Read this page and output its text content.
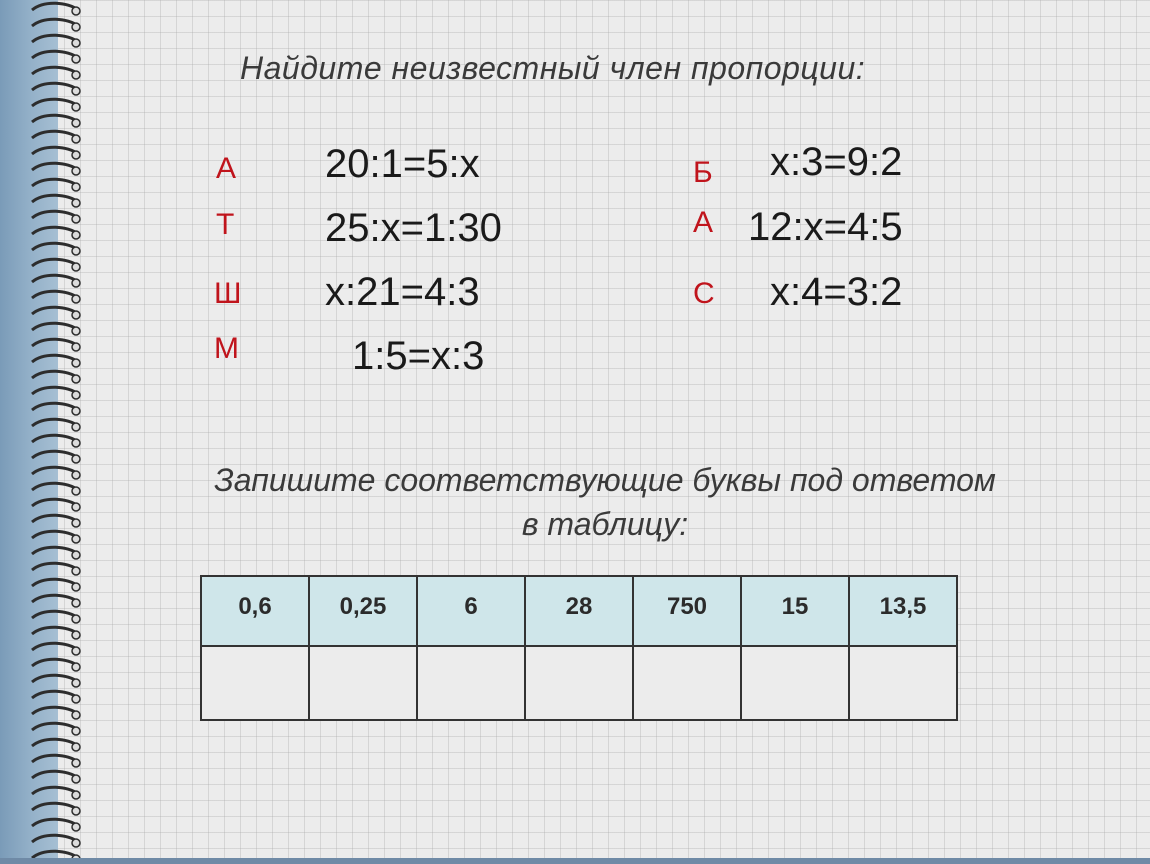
Найдите неизвестный член пропорции:
А 20:1=5:x
Т 25:x=1:30
Ш x:21=4:3
М	1:5=x:3
Б x:3=9:2
А 12:x=4:5
С x:4=3:2
Запишите соответствующие буквы под ответом
в таблицу:
0,6	0,25	6	28	750	15	13,5
